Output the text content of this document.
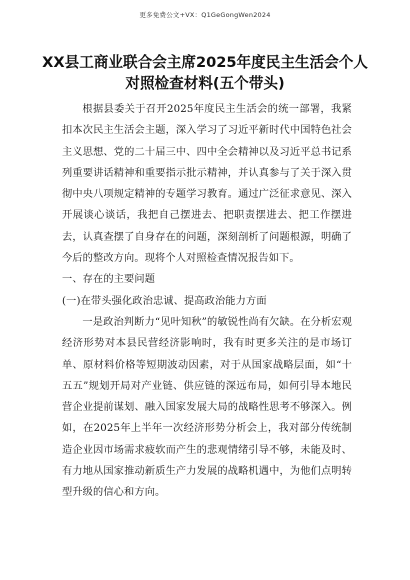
更多免费公文+VX：Q1GeGongWen2024
XX县工商业联合会主席2025年度民主生活会个人对照检查材料(五个带头)

根据县委关于召开2025年度民主生活会的统一部署，我紧扣本次民主生活会主题，深入学习了习近平新时代中国特色社会主义思想、党的二十届三中、四中全会精神以及习近平总书记系列重要讲话精神和重要指示批示精神，并认真参与了关于深入贯彻中央八项规定精神的专题学习教育。通过广泛征求意见、深入开展谈心谈话，我把自己摆进去、把职责摆进去、把工作摆进去，认真查摆了自身存在的问题，深刻剖析了问题根源，明确了今后的整改方向。现将个人对照检查情况报告如下。

一、存在的主要问题

(一)在带头强化政治忠诚、提高政治能力方面

一是政治判断力“见叶知秋”的敏锐性尚有欠缺。在分析宏观经济形势对本县民营经济影响时，我有时更多关注的是市场订单、原材料价格等短期波动因素，对于从国家战略层面，如“十五五”规划开局对产业链、供应链的深远布局，如何引导本地民营企业提前谋划、融入国家发展大局的战略性思考不够深入。例如，在2025年上半年一次经济形势分析会上，我对部分传统制造企业因市场需求疲软而产生的悲观情绪引导不够，未能及时、有力地从国家推动新质生产力发展的战略机遇中，为他们点明转型升级的信心和方向。
